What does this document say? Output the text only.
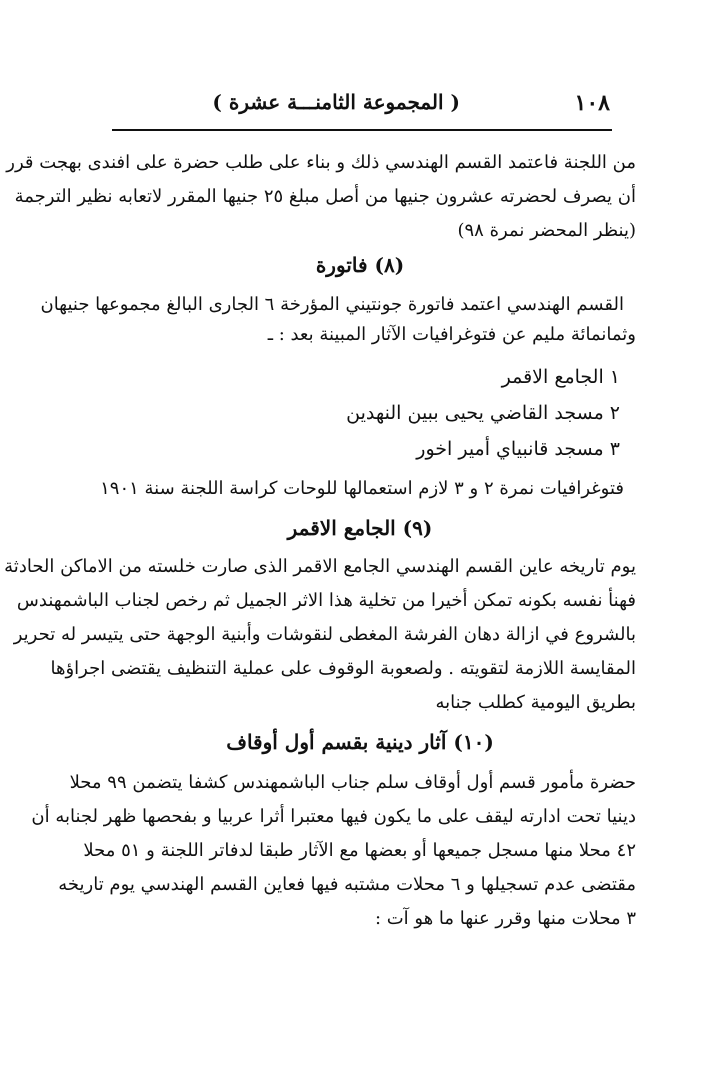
١٠٨
( المجموعة الثامنـــة عشرة )
من اللجنة فاعتمد القسم الهندسي ذلك و بناء على طلب حضرة على افندى بهجت قرر
أن يصرف لحضرته عشرون جنيها من أصل مبلغ ٢٥ جنيها المقرر لاتعابه نظير الترجمة
(ينظر المحضر نمرة ٩٨)
(٨) فاتورة
القسم الهندسي اعتمد فاتورة جونتيني المؤرخة ٦ الجارى البالغ مجموعها جنيهان
وثمانمائة مليم عن فتوغرافيات الآثار المبينة بعد : ـ
١ الجامع الاقمر
٢ مسجد القاضي يحيى ببين النهدين
٣ مسجد قانبياي أمير اخور
فتوغرافيات نمرة ٢ و ٣ لازم استعمالها للوحات كراسة اللجنة سنة ١٩٠١
(٩) الجامع الاقمر
يوم تاريخه عاين القسم الهندسي الجامع الاقمر الذى صارت خلسته من الاماكن الحادثة
فهنأ نفسه بكونه تمكن أخيرا من تخلية هذا الاثر الجميل ثم رخص لجناب الباشمهندس
بالشروع في ازالة دهان الفرشة المغطى لنقوشات وأبنية الوجهة حتى يتيسر له تحرير
المقايسة اللازمة لتقويته . ولصعوبة الوقوف على عملية التنظيف يقتضى اجراؤها
بطريق اليومية كطلب جنابه
(١٠) آثار دينية بقسم أول أوقاف
حضرة مأمور قسم أول أوقاف سلم جناب الباشمهندس كشفا يتضمن ٩٩ محلا
دينيا تحت ادارته ليقف على ما يكون فيها معتبرا أثرا عربيا و بفحصها ظهر لجنابه أن
٤٢ محلا منها مسجل جميعها أو بعضها مع الآثار طبقا لدفاتر اللجنة و ٥١ محلا
مقتضى عدم تسجيلها و ٦ محلات مشتبه فيها فعاين القسم الهندسي يوم تاريخه
٣ محلات منها وقرر عنها ما هو آت :
